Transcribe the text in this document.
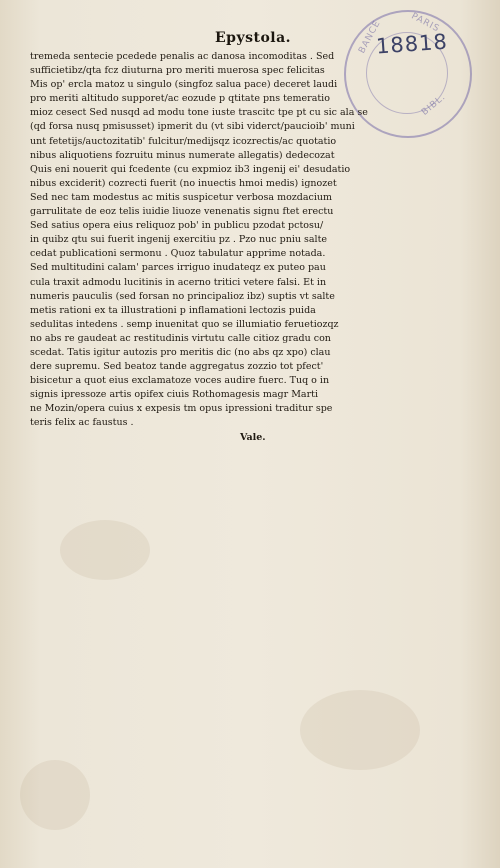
Epystola.	BANCE	PARIS
BIBL.
18818
tremeda sentecie pcedede penalis ac danosa incomoditas . Sed
sufficietibz/qta fcz diuturna pro meriti muerosa spec felicitas
Mis op' ercla matoz u singulo (singfoz salua pace) deceret laudi
pro meriti altitudo supporet/ac eozude p qtitate pns temeratio
mioz cesect Sed nusqd ad modu tone iuste trascitc tpe pt cu sic ala se
(qd forsa nusq pmisusset) ipmerit du (vt sibi viderct/paucioib' muni
unt fetetijs/auctozitatib' fulcitur/medijsqz icozrectis/ac quotatio
nibus aliquotiens fozruitu minus numerate allegatis) dedecozat
Quis eni nouerit qui fcedente (cu expmioz ib3 ingenij ei' desudatio
nibus exciderit) cozrecti fuerit (no inuectis hmoi medis) ignozet
Sed nec tam modestus ac mitis suspicetur verbosa mozdacium
garrulitate de eoz telis iuidie liuoze venenatis signu ftet erectu
Sed satius opera eius reliquoz pob' in publicu pzodat pctosu/
in quibz qtu sui fuerit ingenij exercitiu pz . Pzo nuc pniu salte
cedat publicationi sermonu . Quoz tabulatur apprime notada.
Sed multitudini calam' parces irriguo inudateqz ex puteo pau
cula traxit admodu lucitinis in acerno tritici vetere falsi. Et in
numeris pauculis (sed forsan no principalioz ibz) suptis vt salte
metis rationi ex ta illustrationi p inflamationi lectozis puida
sedulitas intedens . semp inuenitat quo se illumiatio feruetiozqz
no abs re gaudeat ac restitudinis virtutu calle citioz gradu con
scedat. Tatis igitur autozis pro meritis dic (no abs qz xpo) clau
dere supremu. Sed beatoz tande aggregatus zozzio tot pfect'
bisicetur a quot eius exclamatoze voces audire fuerc. Tuq o in
signis ipressoze artis opifex ciuis Rothomagesis magr Marti
ne Mozin/opera cuius x expesis tm opus ipressioni traditur spe
teris felix ac faustus .
Vale.
